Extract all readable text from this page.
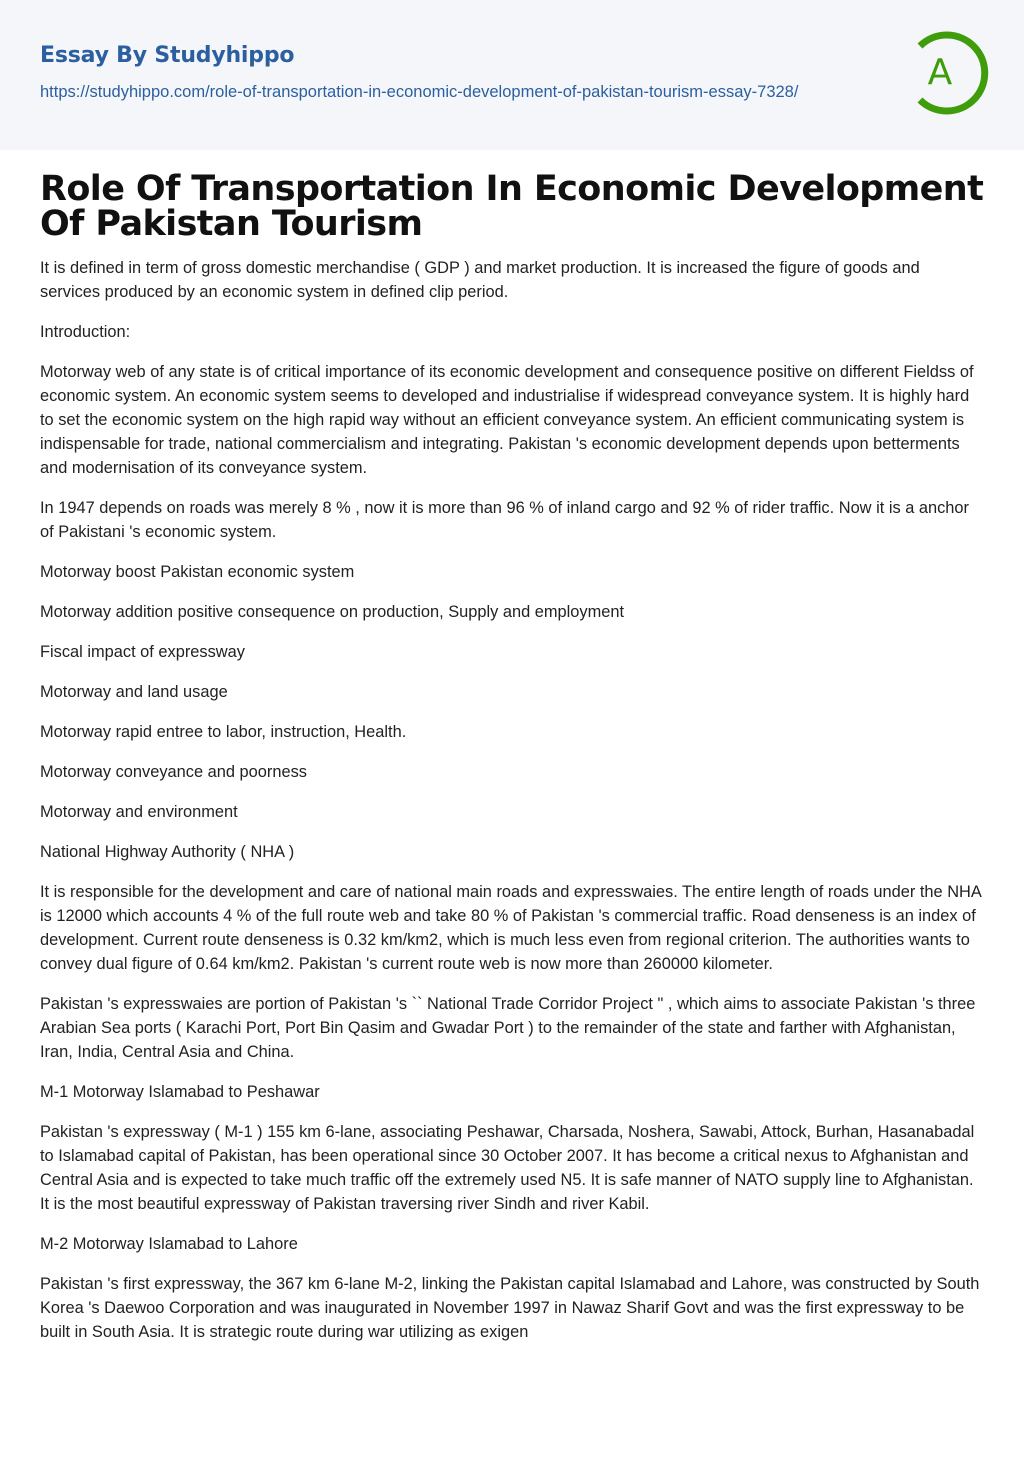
Essay By Studyhippo
https://studyhippo.com/role-of-transportation-in-economic-development-of-pakistan-tourism-essay-7328/	A
Role Of Transportation In Economic Development Of Pakistan Tourism

It is defined in term of gross domestic merchandise ( GDP ) and market production. It is increased the figure of goods and services produced by an economic system in defined clip period.

Introduction:

Motorway web of any state is of critical importance of its economic development and consequence positive on different Fieldss of economic system. An economic system seems to developed and industrialise if widespread conveyance system. It is highly hard to set the economic system on the high rapid way without an efficient conveyance system. An efficient communicating system is indispensable for trade, national commercialism and integrating. Pakistan 's economic development depends upon betterments and modernisation of its conveyance system.

In 1947 depends on roads was merely 8 % , now it is more than 96 % of inland cargo and 92 % of rider traffic. Now it is a anchor of Pakistani 's economic system.

Motorway boost Pakistan economic system

Motorway addition positive consequence on production, Supply and employment

Fiscal impact of expressway

Motorway and land usage

Motorway rapid entree to labor, instruction, Health.

Motorway conveyance and poorness

Motorway and environment

National Highway Authority ( NHA )

It is responsible for the development and care of national main roads and expresswaies. The entire length of roads under the NHA is 12000 which accounts 4 % of the full route web and take 80 % of Pakistan 's commercial traffic. Road denseness is an index of development. Current route denseness is 0.32 km/km2, which is much less even from regional criterion. The authorities wants to convey dual figure of 0.64 km/km2. Pakistan 's current route web is now more than 260000 kilometer.

Pakistan 's expresswaies are portion of Pakistan 's `` National Trade Corridor Project " , which aims to associate Pakistan 's three Arabian Sea ports ( Karachi Port, Port Bin Qasim and Gwadar Port ) to the remainder of the state and farther with Afghanistan, Iran, India, Central Asia and China.

M-1 Motorway Islamabad to Peshawar

Pakistan 's expressway ( M-1 ) 155 km 6-lane, associating Peshawar, Charsada, Noshera, Sawabi, Attock, Burhan, Hasanabadal to Islamabad capital of Pakistan, has been operational since 30 October 2007. It has become a critical nexus to Afghanistan and Central Asia and is expected to take much traffic off the extremely used N5. It is safe manner of NATO supply line to Afghanistan. It is the most beautiful expressway of Pakistan traversing river Sindh and river Kabil.

M-2 Motorway Islamabad to Lahore

Pakistan 's first expressway, the 367 km 6-lane M-2, linking the Pakistan capital Islamabad and Lahore, was constructed by South Korea 's Daewoo Corporation and was inaugurated in November 1997 in Nawaz Sharif Govt and was the first expressway to be built in South Asia. It is strategic route during war utilizing as exigen
